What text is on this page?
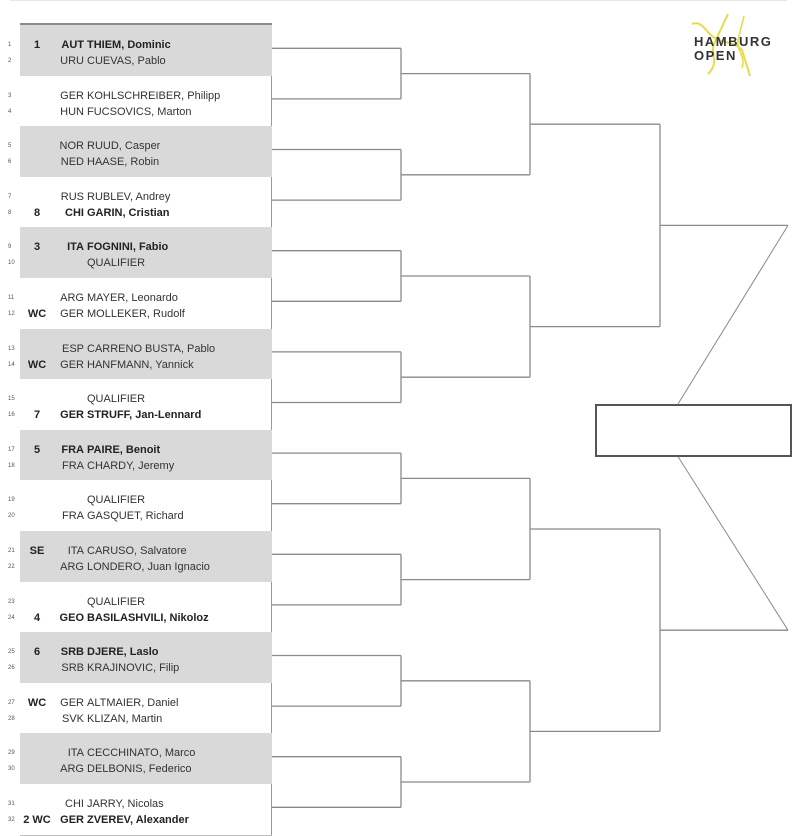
1	1	AUT THIEM, Dominic
2	URU CUEVAS, Pablo
3	GER KOHLSCHREIBER, Philipp
4	HUN FUCSOVICS, Marton
5	NOR RUUD, Casper
6	NED HAASE, Robin
7	RUS RUBLEV, Andrey
8	8	CHI GARIN, Cristian
9	3	ITA FOGNINI, Fabio
10	QUALIFIER
11	ARG MAYER, Leonardo
12	WC	GER MOLLEKER, Rudolf
13	ESP CARRENO BUSTA, Pablo
14	WC	GER HANFMANN, Yannick
15	QUALIFIER
16	7	GER STRUFF, Jan-Lennard
17	5	FRA PAIRE, Benoit
18	FRA CHARDY, Jeremy
19	QUALIFIER
20	FRA GASQUET, Richard
21	SE	ITA CARUSO, Salvatore
22	ARG LONDERO, Juan Ignacio
23	QUALIFIER
24	4	GEO BASILASHVILI, Nikoloz
25	6	SRB DJERE, Laslo
26	SRB KRAJINOVIC, Filip
27	WC	GER ALTMAIER, Daniel
28	SVK KLIZAN, Martin
29	ITA CECCHINATO, Marco
30	ARG DELBONIS, Federico
31	CHI JARRY, Nicolas
32 2 WC GER ZVEREV, Alexander
HAMBURG
OPEN
